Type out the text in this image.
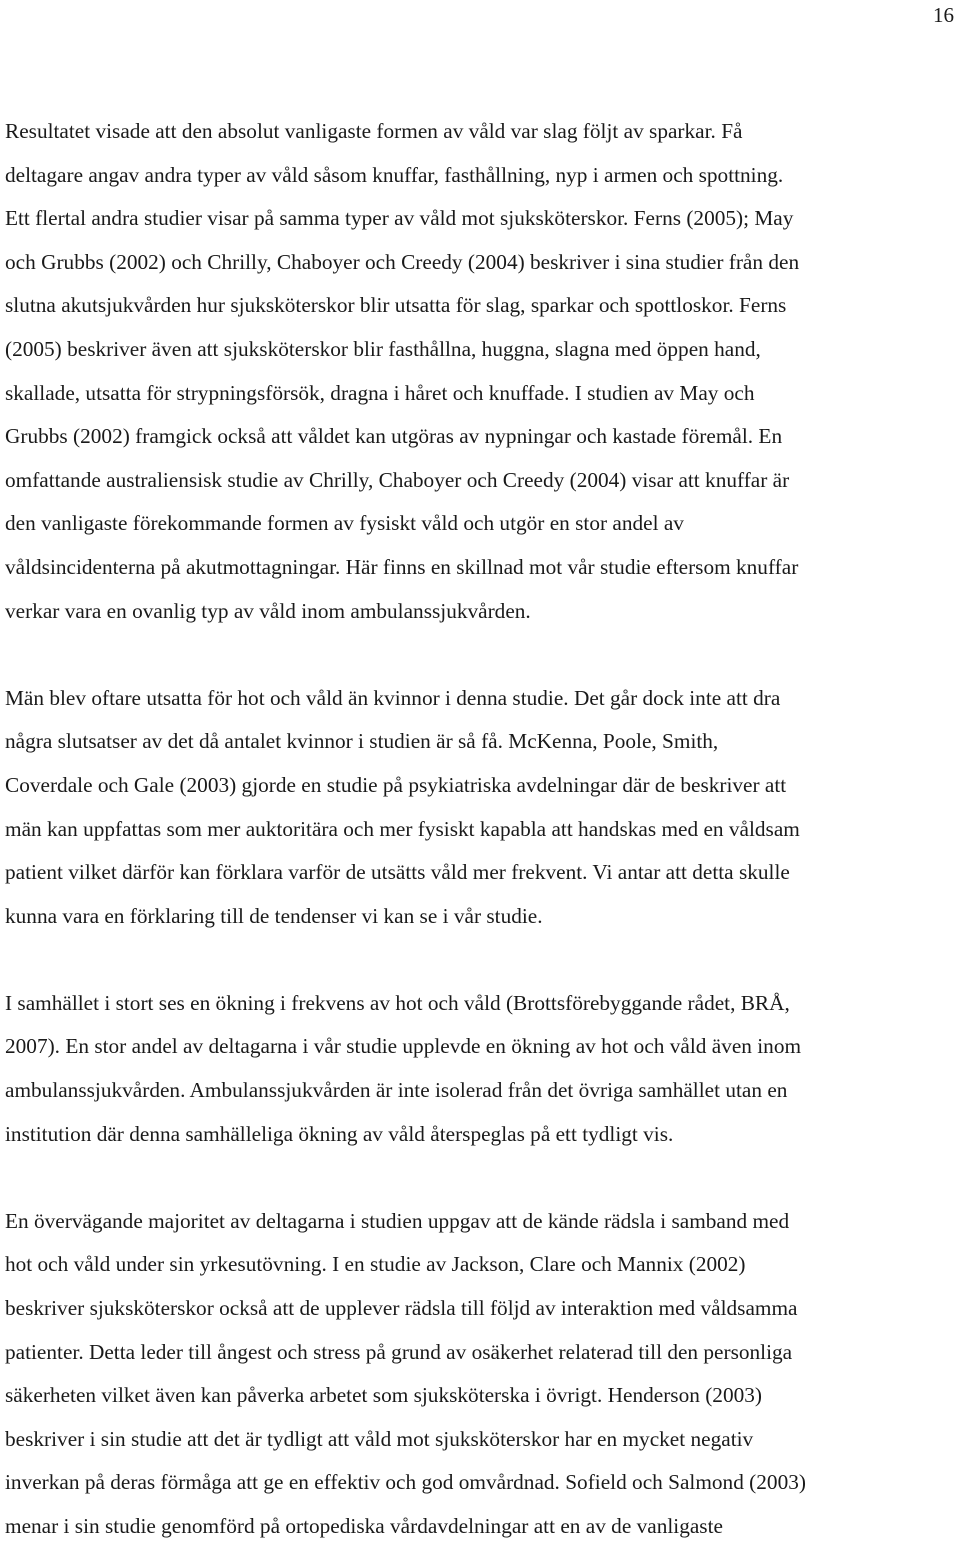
16
Resultatet visade att den absolut vanligaste formen av våld var slag följt av sparkar. Få
deltagare angav andra typer av våld såsom knuffar, fasthållning, nyp i armen och spottning.
Ett flertal andra studier visar på samma typer av våld mot sjuksköterskor. Ferns (2005); May
och Grubbs (2002) och Chrilly, Chaboyer och Creedy (2004) beskriver i sina studier från den
slutna akutsjukvården hur sjuksköterskor blir utsatta för slag, sparkar och spottloskor. Ferns
(2005) beskriver även att sjuksköterskor blir fasthållna, huggna, slagna med öppen hand,
skallade, utsatta för strypningsförsök, dragna i håret och knuffade. I studien av May och
Grubbs (2002) framgick också att våldet kan utgöras av nypningar och kastade föremål. En
omfattande australiensisk studie av Chrilly, Chaboyer och Creedy (2004) visar att knuffar är
den vanligaste förekommande formen av fysiskt våld och utgör en stor andel av
våldsincidenterna på akutmottagningar. Här finns en skillnad mot vår studie eftersom knuffar
verkar vara en ovanlig typ av våld inom ambulanssjukvården.
Män blev oftare utsatta för hot och våld än kvinnor i denna studie. Det går dock inte att dra
några slutsatser av det då antalet kvinnor i studien är så få. McKenna, Poole, Smith,
Coverdale och Gale (2003) gjorde en studie på psykiatriska avdelningar där de beskriver att
män kan uppfattas som mer auktoritära och mer fysiskt kapabla att handskas med en våldsam
patient vilket därför kan förklara varför de utsätts våld mer frekvent. Vi antar att detta skulle
kunna vara en förklaring till de tendenser vi kan se i vår studie.
I samhället i stort ses en ökning i frekvens av hot och våld (Brottsförebyggande rådet, BRÅ,
2007). En stor andel av deltagarna i vår studie upplevde en ökning av hot och våld även inom
ambulanssjukvården. Ambulanssjukvården är inte isolerad från det övriga samhället utan en
institution där denna samhälleliga ökning av våld återspeglas på ett tydligt vis.
En övervägande majoritet av deltagarna i studien uppgav att de kände rädsla i samband med
hot och våld under sin yrkesutövning. I en studie av Jackson, Clare och Mannix (2002)
beskriver sjuksköterskor också att de upplever rädsla till följd av interaktion med våldsamma
patienter. Detta leder till ångest och stress på grund av osäkerhet relaterad till den personliga
säkerheten vilket även kan påverka arbetet som sjuksköterska i övrigt. Henderson (2003)
beskriver i sin studie att det är tydligt att våld mot sjuksköterskor har en mycket negativ
inverkan på deras förmåga att ge en effektiv och god omvårdnad. Sofield och Salmond (2003)
menar i sin studie genomförd på ortopediska vårdavdelningar att en av de vanligaste
